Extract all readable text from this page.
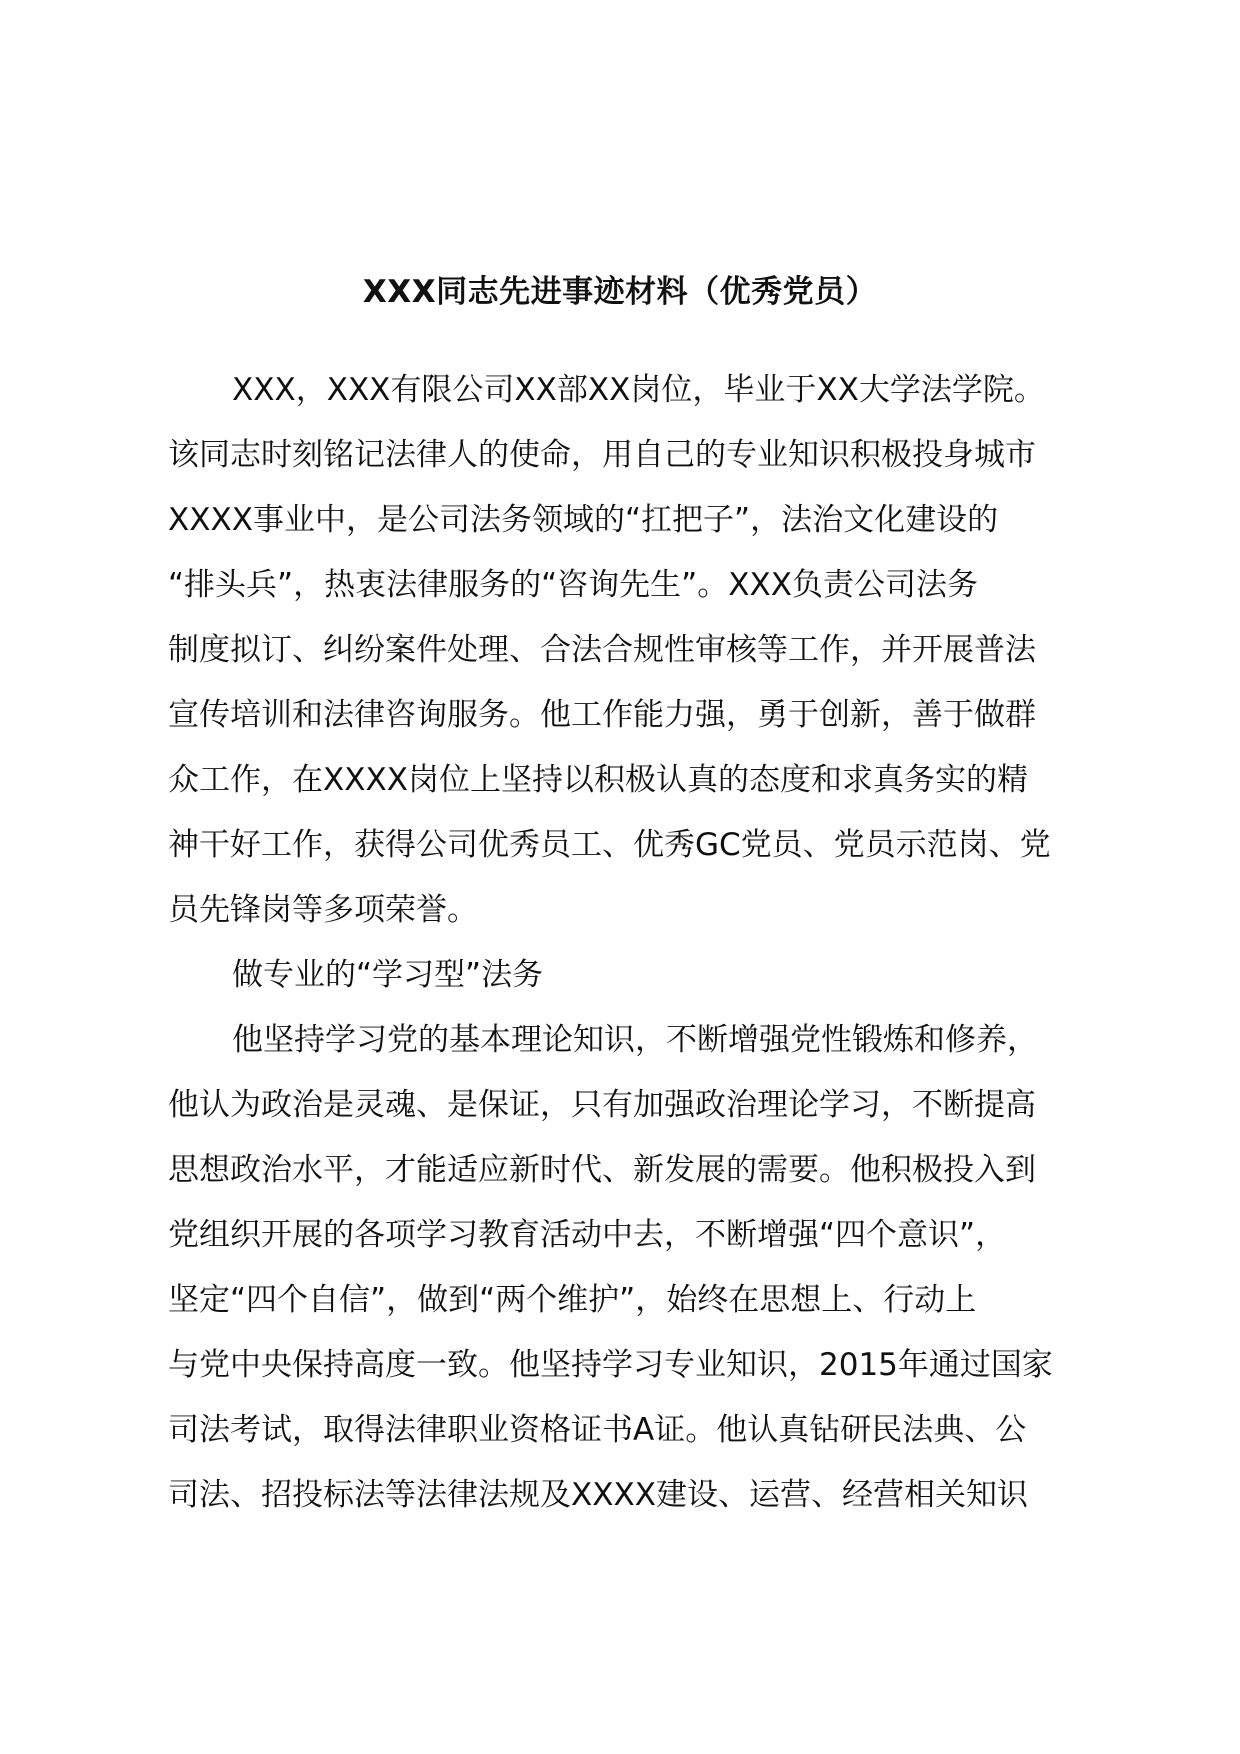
XXX同志先进事迹材料（优秀党员）
XXX，XXX有限公司XX部XX岗位，毕业于XX大学法学院。
该同志时刻铭记法律人的使命，用自己的专业知识积极投身城市
XXXX事业中，是公司法务领域的“扛把子”，法治文化建设的
“排头兵”，热衷法律服务的“咨询先生”。XXX负责公司法务
制度拟订、纠纷案件处理、合法合规性审核等工作，并开展普法
宣传培训和法律咨询服务。他工作能力强，勇于创新，善于做群
众工作，在XXXX岗位上坚持以积极认真的态度和求真务实的精
神干好工作，获得公司优秀员工、优秀GC党员、党员示范岗、党
员先锋岗等多项荣誉。
做专业的“学习型”法务
他坚持学习党的基本理论知识，不断增强党性锻炼和修养，
他认为政治是灵魂、是保证，只有加强政治理论学习，不断提高
思想政治水平，才能适应新时代、新发展的需要。他积极投入到
党组织开展的各项学习教育活动中去，不断增强“四个意识”，
坚定“四个自信”，做到“两个维护”，始终在思想上、行动上
与党中央保持高度一致。他坚持学习专业知识，2015年通过国家
司法考试，取得法律职业资格证书A证。他认真钻研民法典、公
司法、招投标法等法律法规及XXXX建设、运营、经营相关知识
